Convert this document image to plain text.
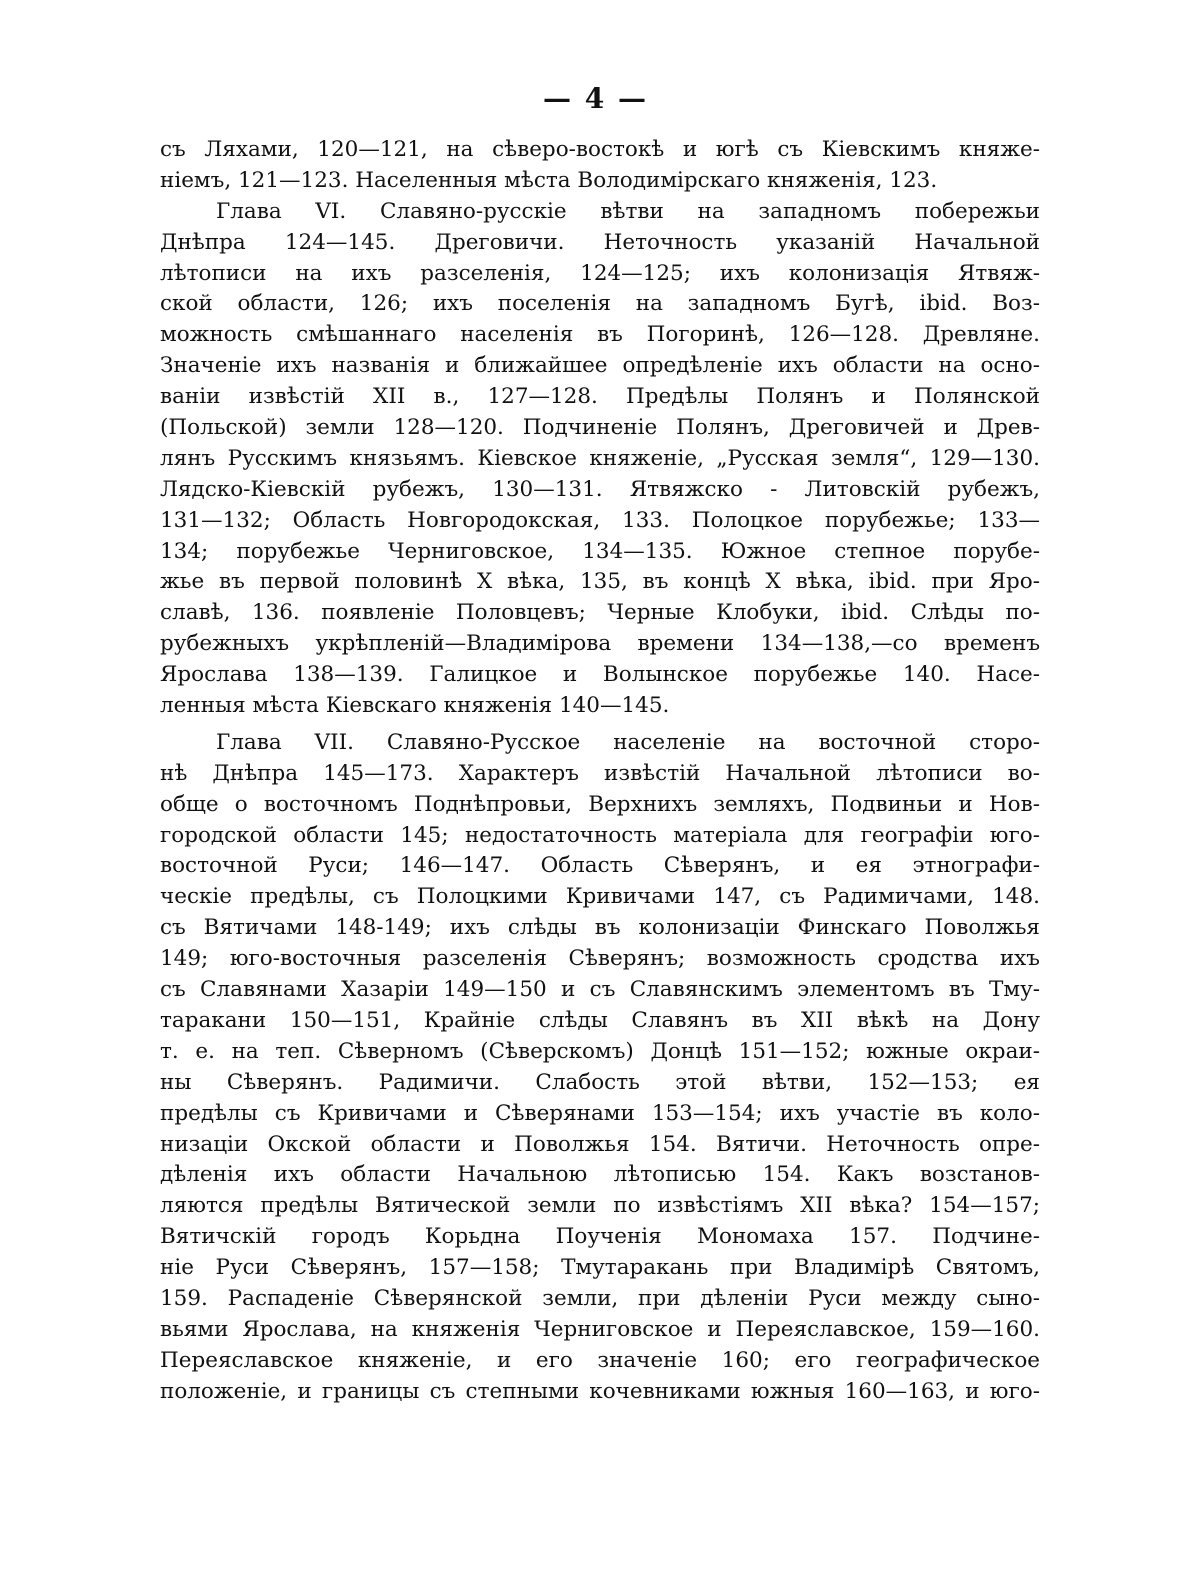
— 4 —
съ Ляхами, 120—121, на сѣверо-востокѣ и югѣ съ Кіевскимъ княже-
ніемъ, 121—123. Населенныя мѣста Володимірскаго княженія, 123.
Глава VI. Славяно-русскіе вѣтви на западномъ побережьи
Днѣпра 124—145. Дреговичи. Неточность указаній Начальной
лѣтописи на ихъ разселенія, 124—125; ихъ колонизація Ятвяж-
ской области, 126; ихъ поселенія на западномъ Бугѣ, ibid. Воз-
можность смѣшаннаго населенія въ Погоринѣ, 126—128. Древляне.
Значеніе ихъ названія и ближайшее опредѣленіе ихъ области на осно-
ваніи извѣстій XII в., 127—128. Предѣлы Полянъ и Полянской
(Польской) земли 128—120. Подчиненіе Полянъ, Дреговичей и Древ-
лянъ Русскимъ князьямъ. Кіевское княженіе, „Русская земля“, 129—130.
Лядско-Кіевскій рубежъ, 130—131. Ятвяжско - Литовскій рубежъ,
131—132; Область Новгородокская, 133. Полоцкое порубежье; 133—
134; порубежье Черниговское, 134—135. Южное степное порубе-
жье въ первой половинѣ X вѣка, 135, въ концѣ X вѣка, ibid. при Яро-
славѣ, 136. появленіе Половцевъ; Черные Клобуки, ibid. Слѣды по-
рубежныхъ укрѣпленій—Владимірова времени 134—138,—со временъ
Ярослава 138—139. Галицкое и Волынское порубежье 140. Насе-
ленныя мѣста Кіевскаго княженія 140—145.
Глава VII. Славяно-Русское населеніе на восточной сторо-
нѣ Днѣпра 145—173. Характеръ извѣстій Начальной лѣтописи во-
обще о восточномъ Поднѣпровьи, Верхнихъ земляхъ, Подвиньи и Нов-
городской области 145; недостаточность матеріала для географіи юго-
восточной Руси; 146—147. Область Сѣверянъ, и ея этнографи-
ческіе предѣлы, съ Полоцкими Кривичами 147, съ Радимичами, 148.
съ Вятичами 148-149; ихъ слѣды въ колонизаціи Финскаго Поволжья
149; юго-восточныя разселенія Сѣверянъ; возможность сродства ихъ
съ Славянами Хазаріи 149—150 и съ Славянскимъ элементомъ въ Тму-
таракани 150—151, Крайніе слѣды Славянъ въ XII вѣкѣ на Дону
т. е. на теп. Сѣверномъ (Сѣверскомъ) Донцѣ 151—152; южные окраи-
ны Сѣверянъ. Радимичи. Слабость этой вѣтви, 152—153; ея
предѣлы съ Кривичами и Сѣверянами 153—154; ихъ участіе въ коло-
низаціи Окской области и Поволжья 154. Вятичи. Неточность опре-
дѣленія ихъ области Начальною лѣтописью 154. Какъ возстанов-
ляются предѣлы Вятической земли по извѣстіямъ XII вѣка? 154—157;
Вятичскій городъ Корьдна Поученія Мономаха 157. Подчине-
ніе Руси Сѣверянъ, 157—158; Тмутаракань при Владимірѣ Святомъ,
159. Распаденіе Сѣверянской земли, при дѣленіи Руси между сыно-
вьями Ярослава, на княженія Черниговское и Переяславское, 159—160.
Переяславское княженіе, и его значеніе 160; его географическое
положеніе, и границы съ степными кочевниками южныя 160—163, и юго-
